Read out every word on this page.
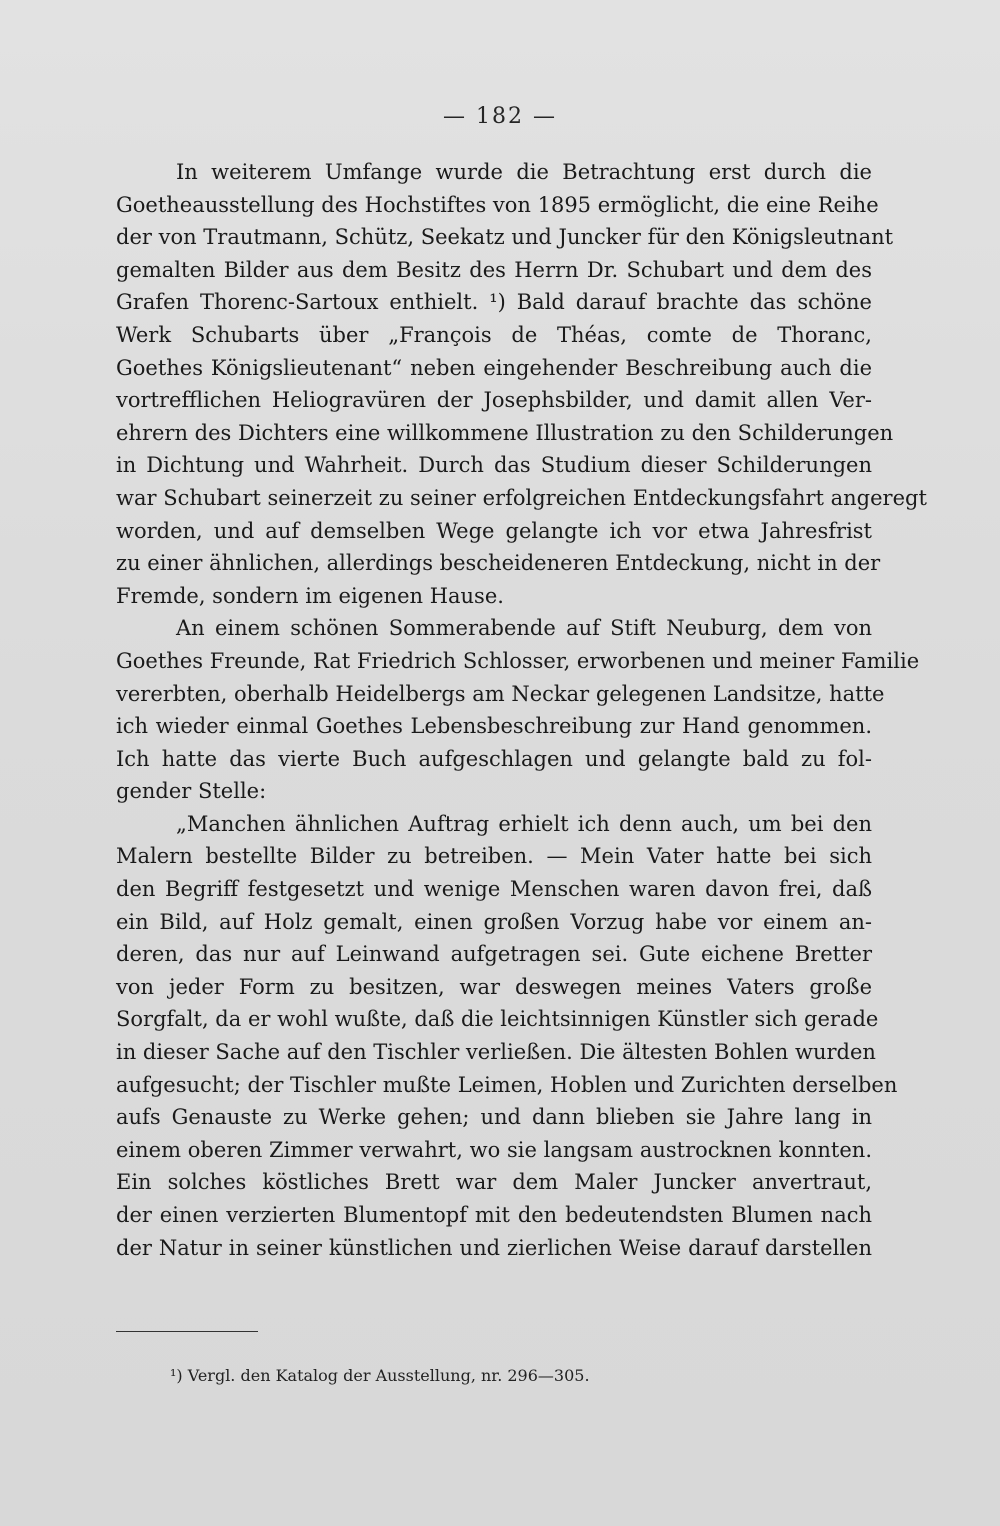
— 182 —
In weiterem Umfange wurde die Betrachtung erst durch die
Goetheausstellung des Hochstiftes von 1895 ermöglicht, die eine Reihe
der von Trautmann, Schütz, Seekatz und Juncker für den Königsleutnant
gemalten Bilder aus dem Besitz des Herrn Dr. Schubart und dem des
Grafen Thorenc-Sartoux enthielt. ¹) Bald darauf brachte das schöne
Werk Schubarts über „François de Théas, comte de Thoranc,
Goethes Königslieutenant“ neben eingehender Beschreibung auch die
vortrefflichen Heliogravüren der Josephsbilder, und damit allen Ver-
ehrern des Dichters eine willkommene Illustration zu den Schilderungen
in Dichtung und Wahrheit. Durch das Studium dieser Schilderungen
war Schubart seinerzeit zu seiner erfolgreichen Entdeckungsfahrt angeregt
worden, und auf demselben Wege gelangte ich vor etwa Jahresfrist
zu einer ähnlichen, allerdings bescheideneren Entdeckung, nicht in der
Fremde, sondern im eigenen Hause.
An einem schönen Sommerabende auf Stift Neuburg, dem von
Goethes Freunde, Rat Friedrich Schlosser, erworbenen und meiner Familie
vererbten, oberhalb Heidelbergs am Neckar gelegenen Landsitze, hatte
ich wieder einmal Goethes Lebensbeschreibung zur Hand genommen.
Ich hatte das vierte Buch aufgeschlagen und gelangte bald zu fol-
gender Stelle:
„Manchen ähnlichen Auftrag erhielt ich denn auch, um bei den
Malern bestellte Bilder zu betreiben. — Mein Vater hatte bei sich
den Begriff festgesetzt und wenige Menschen waren davon frei, daß
ein Bild, auf Holz gemalt, einen großen Vorzug habe vor einem an-
deren, das nur auf Leinwand aufgetragen sei. Gute eichene Bretter
von jeder Form zu besitzen, war deswegen meines Vaters große
Sorgfalt, da er wohl wußte, daß die leichtsinnigen Künstler sich gerade
in dieser Sache auf den Tischler verließen. Die ältesten Bohlen wurden
aufgesucht; der Tischler mußte Leimen, Hoblen und Zurichten derselben
aufs Genauste zu Werke gehen; und dann blieben sie Jahre lang in
einem oberen Zimmer verwahrt, wo sie langsam austrocknen konnten.
Ein solches köstliches Brett war dem Maler Juncker anvertraut,
der einen verzierten Blumentopf mit den bedeutendsten Blumen nach
der Natur in seiner künstlichen und zierlichen Weise darauf darstellen
¹) Vergl. den Katalog der Ausstellung, nr. 296—305.
